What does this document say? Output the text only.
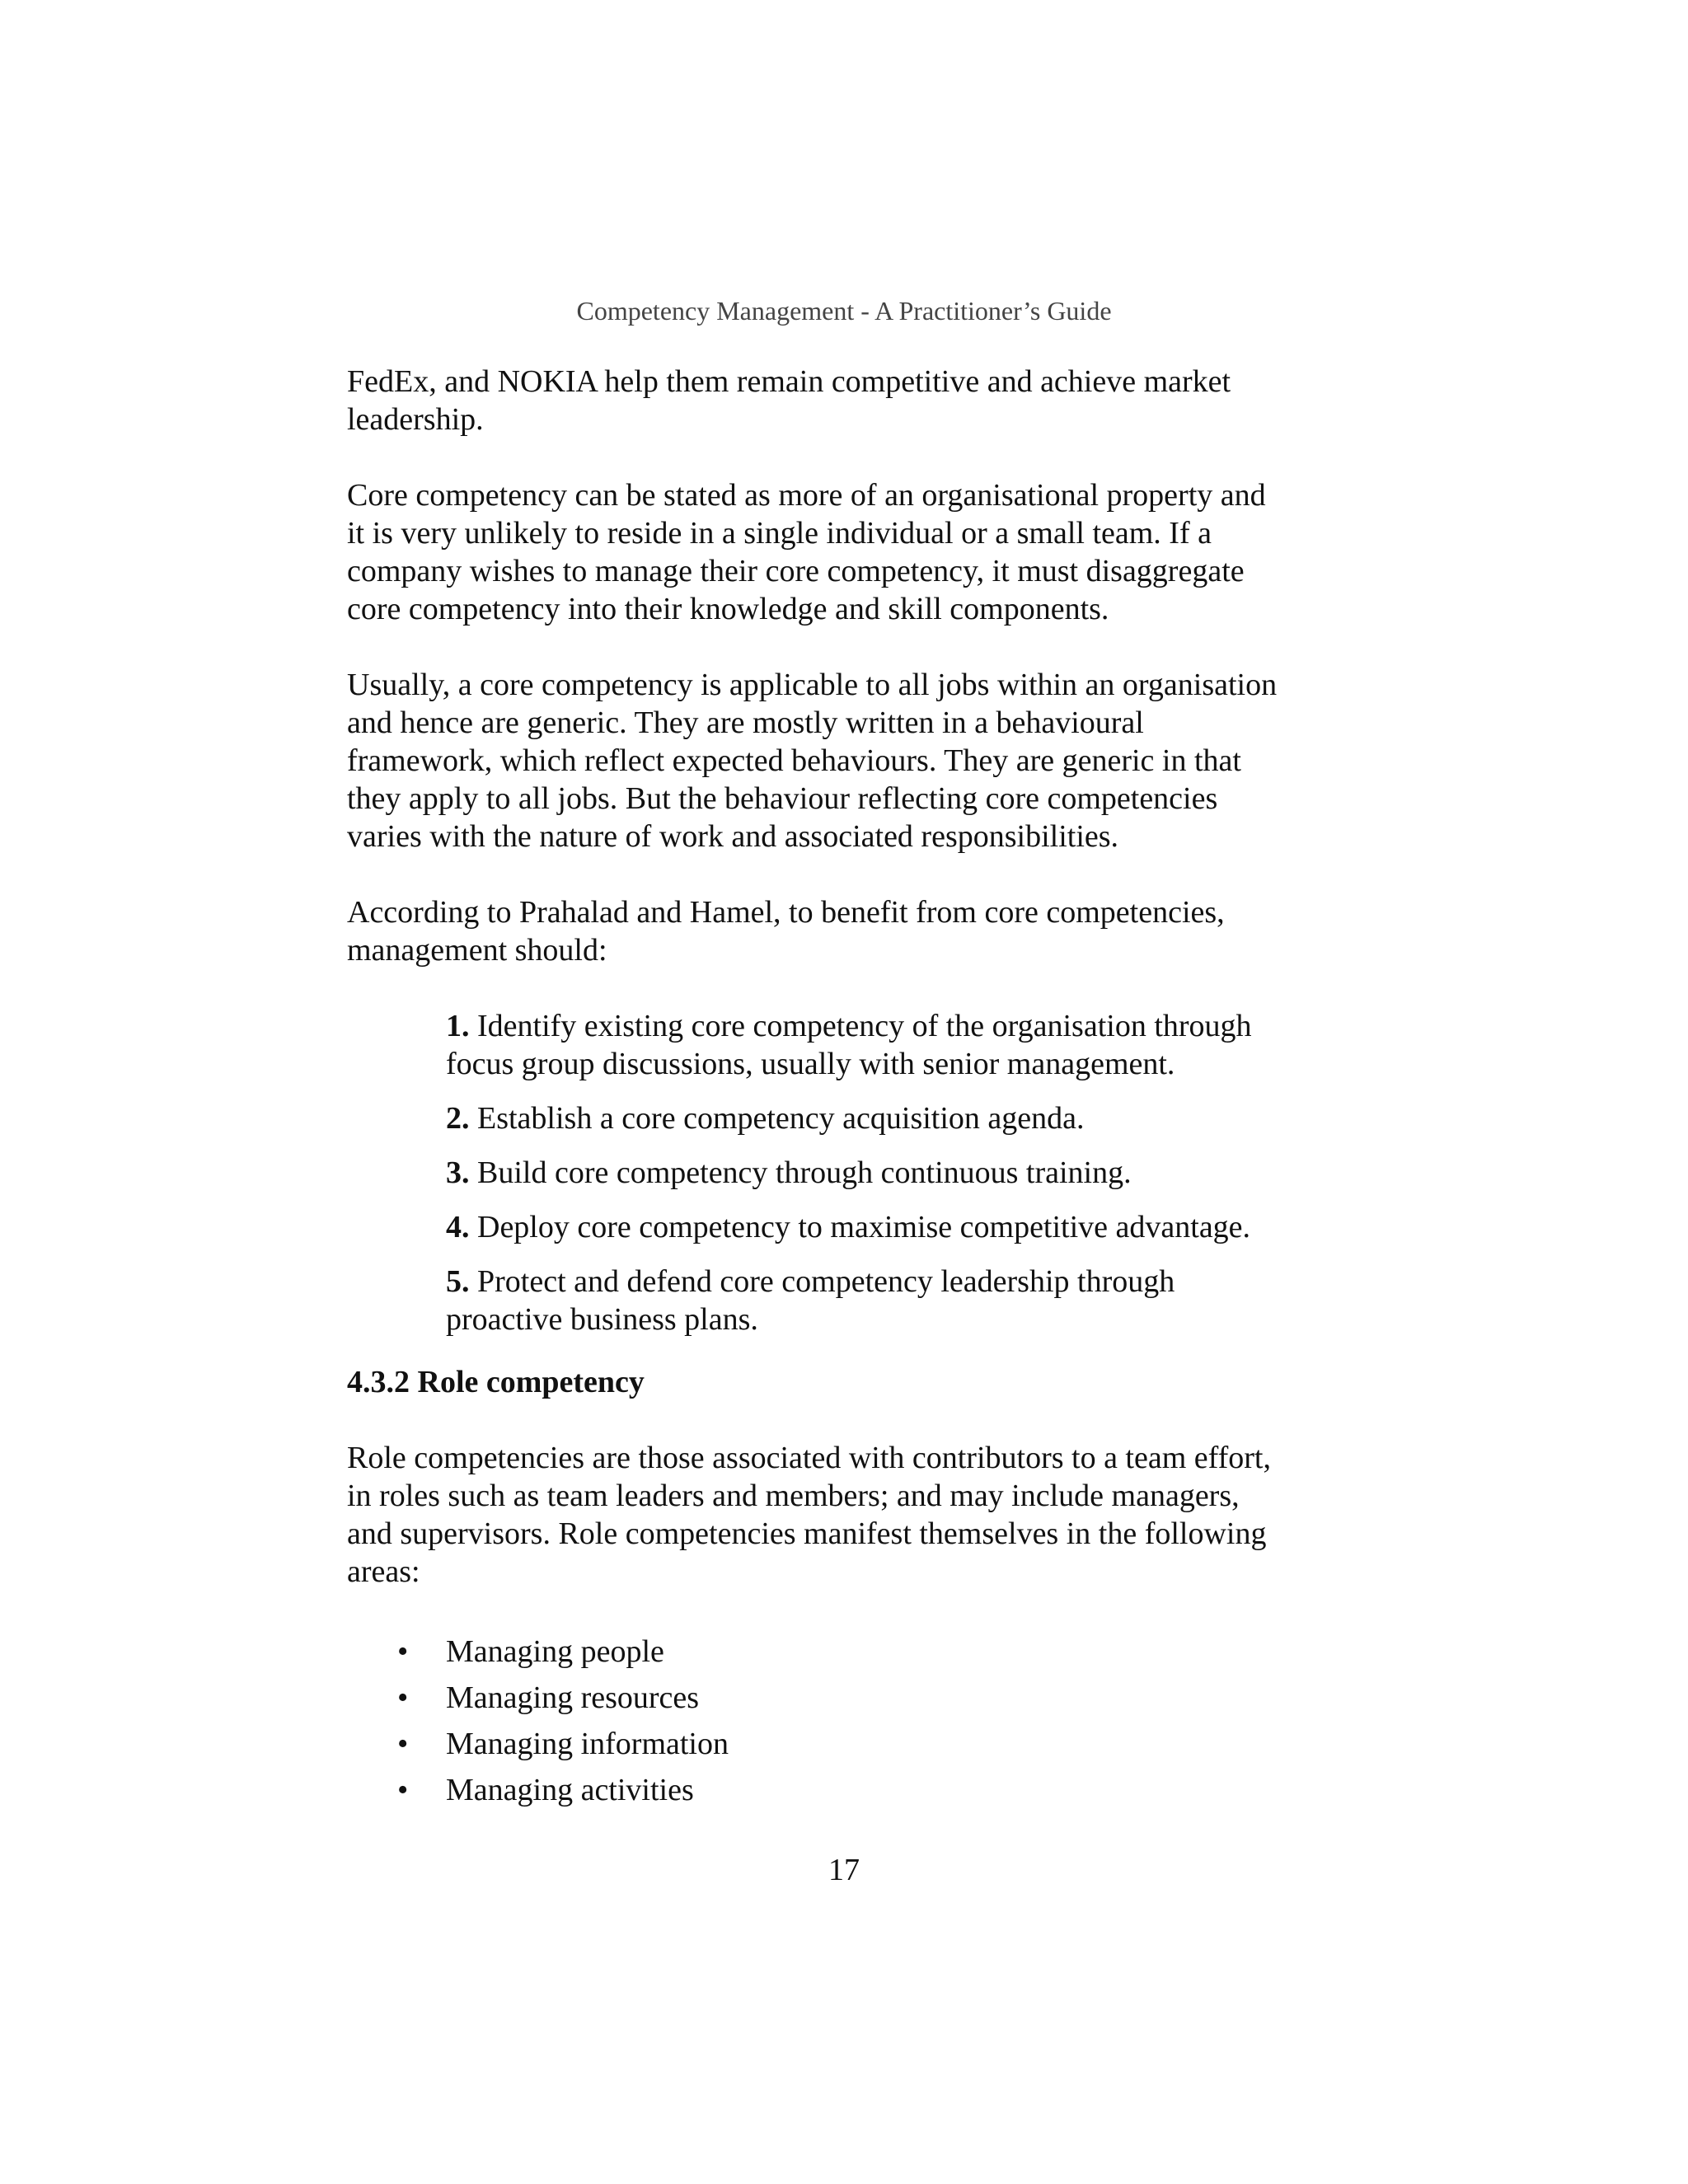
Competency Management - A Practitioner’s Guide

FedEx, and NOKIA help them remain competitive and achieve market
leadership.

Core competency can be stated as more of an organisational property and
it is very unlikely to reside in a single individual or a small team. If a
company wishes to manage their core competency, it must disaggregate
core competency into their knowledge and skill components.

Usually, a core competency is applicable to all jobs within an organisation
and hence are generic. They are mostly written in a behavioural
framework, which reflect expected behaviours. They are generic in that
they apply to all jobs. But the behaviour reflecting core competencies
varies with the nature of work and associated responsibilities.

According to Prahalad and Hamel, to benefit from core competencies,
management should:

1. Identify existing core competency of the organisation through
focus group discussions, usually with senior management.
2. Establish a core competency acquisition agenda.
3. Build core competency through continuous training.
4. Deploy core competency to maximise competitive advantage.
5. Protect and defend core competency leadership through
proactive business plans.
4.3.2 Role competency

Role competencies are those associated with contributors to a team effort,
in roles such as team leaders and members; and may include managers,
and supervisors. Role competencies manifest themselves in the following
areas:

• Managing people
• Managing resources
• Managing information
• Managing activities
17
